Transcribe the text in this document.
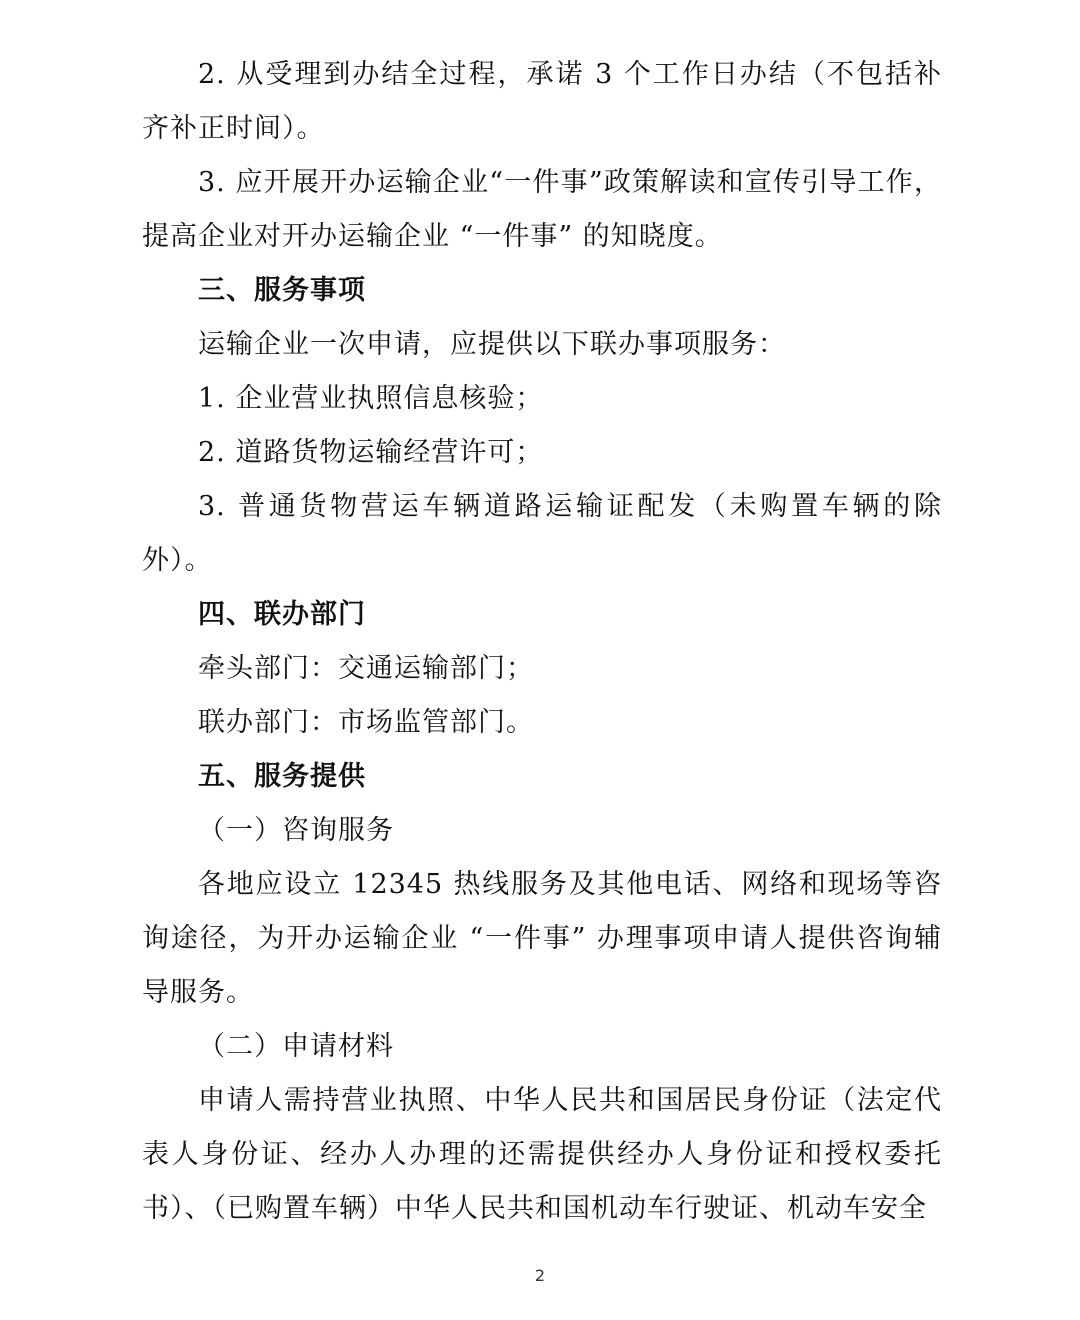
2. 从受理到办结全过程，承诺 3 个工作日办结（不包括补齐补正时间）。

3. 应开展开办运输企业“一件事”政策解读和宣传引导工作，提高企业对开办运输企业 “一件事” 的知晓度。

三、服务事项

运输企业一次申请，应提供以下联办事项服务：

1. 企业营业执照信息核验；

2. 道路货物运输经营许可；

3. 普通货物营运车辆道路运输证配发（未购置车辆的除外）。

四、联办部门

牵头部门：交通运输部门；

联办部门：市场监管部门。

五、服务提供

（一）咨询服务

各地应设立 12345 热线服务及其他电话、网络和现场等咨询途径，为开办运输企业 “一件事” 办理事项申请人提供咨询辅导服务。

（二）申请材料

申请人需持营业执照、中华人民共和国居民身份证（法定代表人身份证、经办人办理的还需提供经办人身份证和授权委托书）、（已购置车辆）中华人民共和国机动车行驶证、机动车安全

2
